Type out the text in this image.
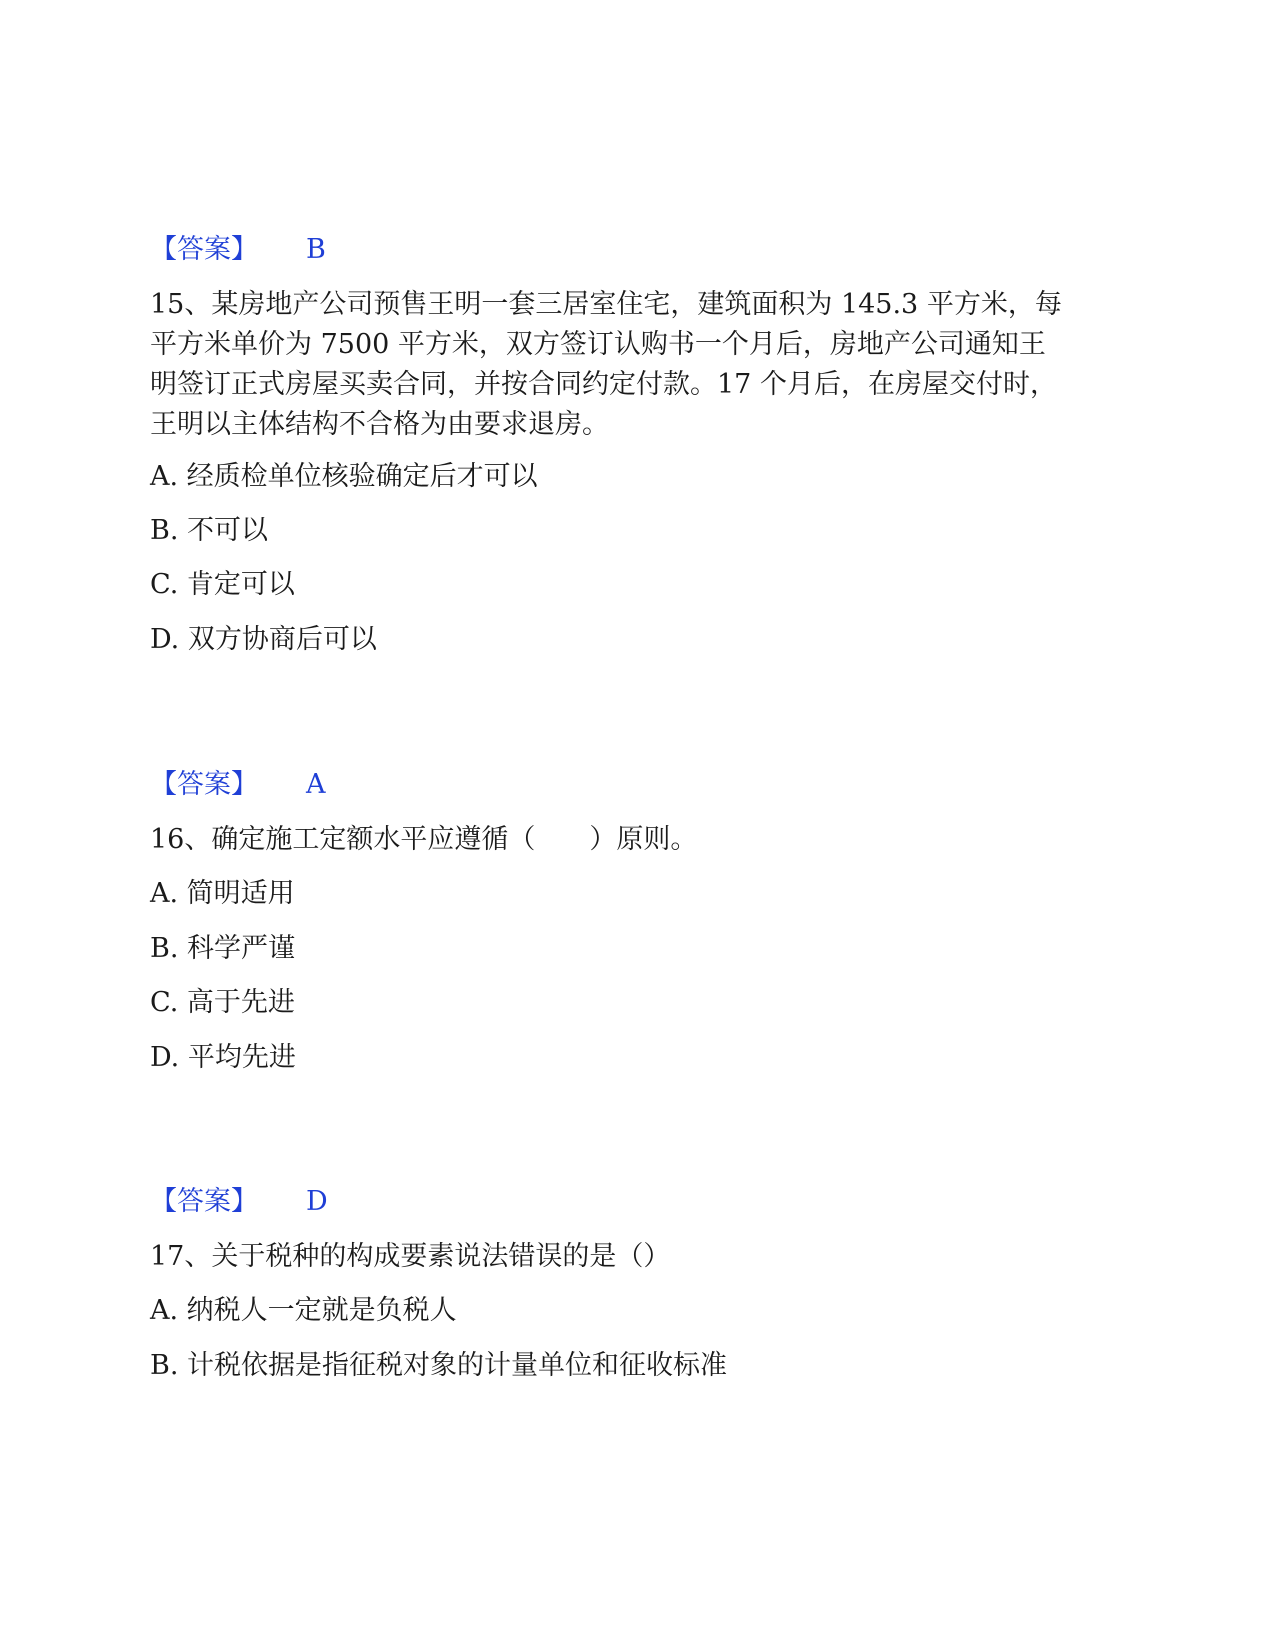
【答案】 B
15、某房地产公司预售王明一套三居室住宅，建筑面积为 145.3 平方米，每
平方米单价为 7500 平方米，双方签订认购书一个月后，房地产公司通知王
明签订正式房屋买卖合同，并按合同约定付款。17 个月后，在房屋交付时，
王明以主体结构不合格为由要求退房。
A. 经质检单位核验确定后才可以
B. 不可以
C. 肯定可以
D. 双方协商后可以
【答案】 A
16、确定施工定额水平应遵循（　　）原则。
A. 简明适用
B. 科学严谨
C. 高于先进
D. 平均先进
【答案】 D
17、关于税种的构成要素说法错误的是（）
A. 纳税人一定就是负税人
B. 计税依据是指征税对象的计量单位和征收标准
